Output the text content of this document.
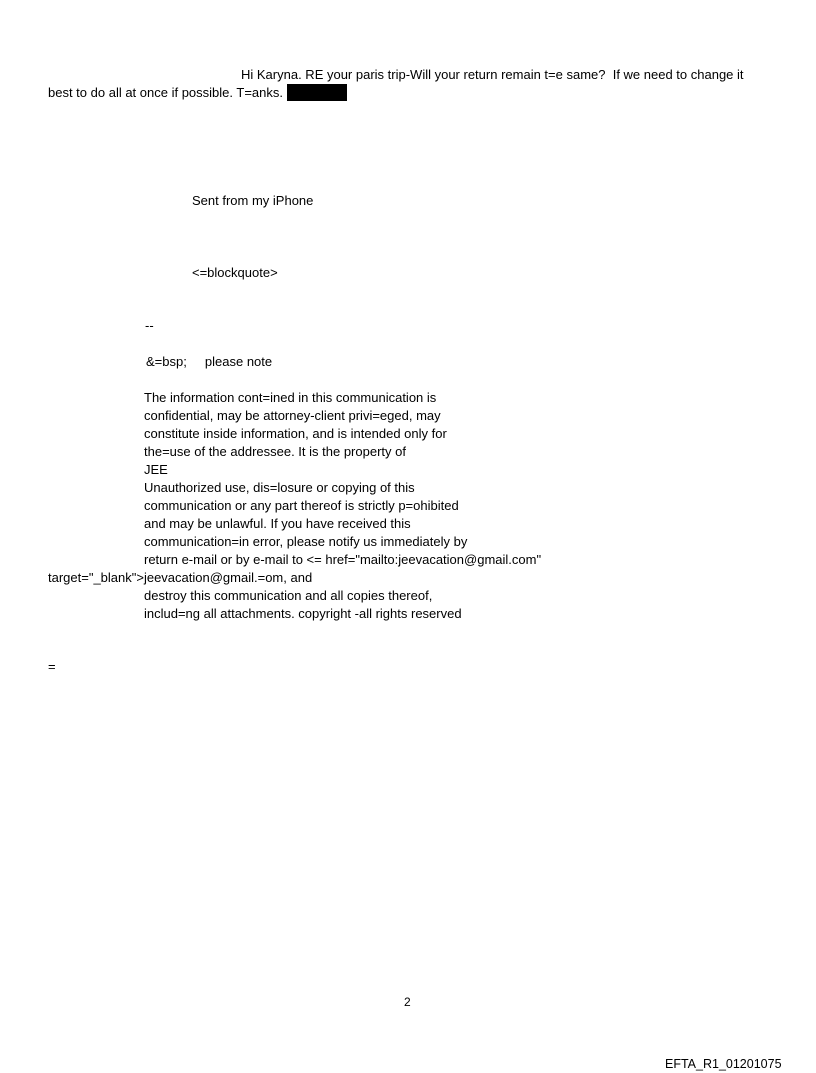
Hi Karyna. RE your paris trip-Will your return remain t=e same?  If we need to change it
best to do all at once if possible. T=anks.
Sent from my iPhone
<=blockquote>
--
&=bsp;     please note
The information cont=ined in this communication is
confidential, may be attorney-client privi=eged, may
constitute inside information, and is intended only for
the=use of the addressee. It is the property of
JEE
Unauthorized use, dis=losure or copying of this
communication or any part thereof is strictly p=ohibited
and may be unlawful. If you have received this
communication=in error, please notify us immediately by
return e-mail or by e-mail to <= href="mailto:jeevacation@gmail.com"
target="_blank">jeevacation@gmail.=om, and
destroy this communication and all copies thereof,
includ=ng all attachments. copyright -all rights reserved
=
2
EFTA_R1_01201075
